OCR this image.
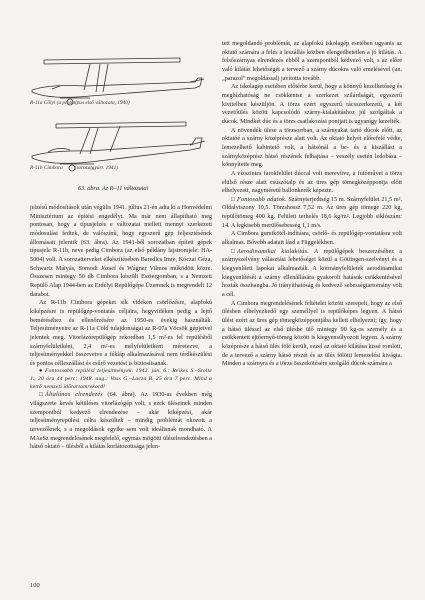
R-11a Cőlyi (a prototípus első változata, 1940)
R-11b Cimbora (sorozatgyárt. 1941)
63. ábra. Az R–11 változatai

jelzésű módosítások után végülis 1941. július 21-én adta ki a Honvédelmi Minisztérium az építési engedélyt. Ma már nem állapítható meg pontosan, hogy a típusjelzés e változatai mellett mennyi szerkezeti módosulást fedtek, de valószínű, hogy egyszerű gép feljesztésének állomásait jelentik (63. ábra). Az 1941-ből sorozatban épített gépek típusjele R-11b, neve pedig Cimbora (az első példány lajstromjele: HA-5004) volt. A sorozatterveket elkészítésében Baredics Imre, Kóczai Géza, Schwartz Mátyás, Somodi József és Wágner Vilmos működött közre. Összesen mintegy 50 db Cimbora készült Esztergomban, s a Nemzeti Repülő Alap 1944-ben az Erdélyi Repülőgépe Üzemnek is megrendelt 12 darabot.

Az R-11b Cimbora gépeket sík vidéken csörlőzésre, alapfokú kiképzésre is repülőgép-vontatás céljaira, hegyvidéken pedig a lejtő beméréséhez és ellenőrzésére az 1950-es évekig használták. Teljesítményeire az R-11a Cöld tulajdonságai az R-07a Vöcsök gépjeivel jelentek meg. Vitorlázórepülőgép rekordban 1,5 m²-es fel repülésből szárnyfelületként, 2,4 m²-es mélyfelületként méretezve, a teljesítményekkel összevetve a fékláp alkalmazásával nem térdkészülési és pontos célleszállást és csűrő vezetést is biztosítsanak.

● Fontossabb repülési teljesítmények. 1942. jún. 6.: Reikes S.–Stolte J., 20 óra 44 perc; 1948. aug.: Vass G.–Lacza B. 25 óra 7 perc. Mind a kettő nemzeti időtartamrekord!

□ Általános elrendezés (64. ábra). Az 1930-as években még világszerte kevés kétüléses vitorlázógép volt, s ezek üléseinek minden szempontból kedvező elrendezése – akár kiképzési, akár teljesítményrepülési célra készültek – mindig problémát okozott a tervezőknek, s a megoldások egyike sem volt ideálisnak mondható. A MAeSz megrendelésének megfelelő, egymás mögötti üléselrendezésben a hátsó oktató – ülésből a kilátás korlátozottsága jelen-

tett megoldandó problémát, az alapfokú iskolagép esetében ugyanis az oktató számára a felés a leszállás közben elengedhetetlen a jó kilátás. A felsőszárnyas elrendezés ebből a szempontból kedvező volt, s az előre való kilátás lehetőségét a tervező a szárny dúcokra való emelésével (un. „parazol” megoldással) javította tovább.

Az iskolagép esetében előtérbe kerül, hogy a könnyű kezelhetőség és megbízhatóság ne csökkentse a szerkezet szilárdságát, egyszerű kivitelben készüljön. A törzs ezért egyszerű rácsszerkezetű, a két vezetőülés között kapcsolódó szárny-kialakításhoz jól szolgáltak a dúcok. Mindkét dúc és a törzs csatlakozási pontjait is ugyanígy kezelték.

A növendék ülése a törzsorrban, a szárnyakat tartó dúcok előtt, az oktatóé a szárny középrésze alatt volt. Az oktató helyét előrefelé védte, lemezelhető kabintető volt, a hátsónál a be- és a kiszállást a szárnyközéprész hátsó részének felhajtása – veszély esetén ledobása – könnyítette meg.

A vízszintes farokfelület dúccal volt merevítve, a futóművet a törzs elülső része alatt csúszótalp és az üres gép tömegközéppontja előtt elhelyezett, nagyméretű ballonkerék képezte.

□ Fontosabb adatok. Szárnyterjedtség 15 m. Szárnyfelület 21,5 m². Oldalviszony 10,5. Törzshossz 7,52 m. Az üres gép tömege 220 kg, repülőtömeg 400 kg. Felületi terhelés 18,6 kg/m². Legjobb siklószám: 14. A legkisebb merülősebesség 1,1 m/s.

A Cimbora gumikötél-indításra, csörlő- és repülőgép-vontatásra volt alkalmas. Bővebb adatait lásd a Függelékben.

□ Aerodinamikai kialakítás. A repülőgépek beszerzéséhez a szárnyszelvény választási lehetőségei közül a Göttingen-szelvényt és a kiegyenlített lapokat alkalmazták. A kormányfelületek aerodinamikai kiegyenlítését a szárny ellenállására gyakorolt hatásuk csökkentésével hozták összhangba. Jó irányíthatóság és kedvező sebességtartomány volt a cél.

A Cimbora megrendelésének feltételei között szerepelt, hogy az első ülésben elhelyezkedő egy személlyel is repülőképes legyen. A hátsó ülést ezért az üres gép tömegközéppontjába kellett elhelyezni; így, hogy a hátsó üléssel az első ülésbe ülő mintegy 90 kg-os személy és a csökkentett ejtőernyő-tömeg között is kiegyensúlyozott legyen. A szárny középrésze a hátsó ülés fölé került, ezzel az oktató kilátása kissé romlott, de a tervező a szárny hátsó részét és az ülés fölötti lemezelést kivágta. Minden a szárnyra és a törzs összekötésére szolgáló dúcok számára a

100
